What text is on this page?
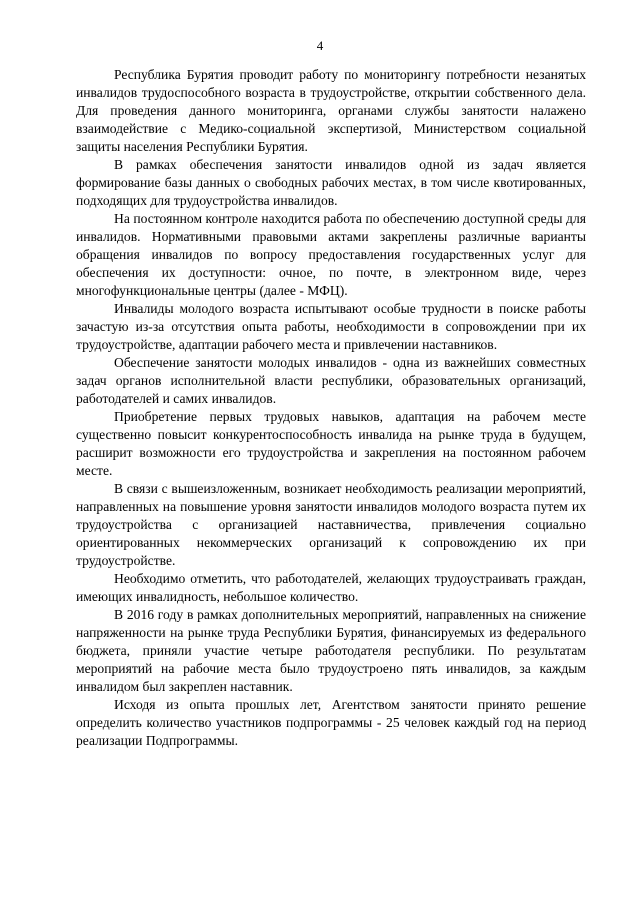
4

Республика Бурятия проводит работу по мониторингу потребности незанятых инвалидов трудоспособного возраста в трудоустройстве, открытии собственного дела. Для проведения данного мониторинга, органами службы занятости налажено взаимодействие с Медико-социальной экспертизой, Министерством социальной защиты населения Республики Бурятия.

В рамках обеспечения занятости инвалидов одной из задач является формирование базы данных о свободных рабочих местах, в том числе квотированных, подходящих для трудоустройства инвалидов.

На постоянном контроле находится работа по обеспечению доступной среды для инвалидов. Нормативными правовыми актами закреплены различные варианты обращения инвалидов по вопросу предоставления государственных услуг для обеспечения их доступности: очное, по почте, в электронном виде, через многофункциональные центры (далее - МФЦ).

Инвалиды молодого возраста испытывают особые трудности в поиске работы зачастую из-за отсутствия опыта работы, необходимости в сопровождении при их трудоустройстве, адаптации рабочего места и привлечении наставников.

Обеспечение занятости молодых инвалидов - одна из важнейших совместных задач органов исполнительной власти республики, образовательных организаций, работодателей и самих инвалидов.

Приобретение первых трудовых навыков, адаптация на рабочем месте существенно повысит конкурентоспособность инвалида на рынке труда в будущем, расширит возможности его трудоустройства и закрепления на постоянном рабочем месте.

В связи с вышеизложенным, возникает необходимость реализации мероприятий, направленных на повышение уровня занятости инвалидов молодого возраста путем их трудоустройства с организацией наставничества, привлечения социально ориентированных некоммерческих организаций к сопровождению их при трудоустройстве.

Необходимо отметить, что работодателей, желающих трудоустраивать граждан, имеющих инвалидность, небольшое количество.

В 2016 году в рамках дополнительных мероприятий, направленных на снижение напряженности на рынке труда Республики Бурятия, финансируемых из федерального бюджета, приняли участие четыре работодателя республики. По результатам мероприятий на рабочие места было трудоустроено пять инвалидов, за каждым инвалидом был закреплен наставник.

Исходя из опыта прошлых лет, Агентством занятости принято решение определить количество участников подпрограммы - 25 человек каждый год на период реализации Подпрограммы.
